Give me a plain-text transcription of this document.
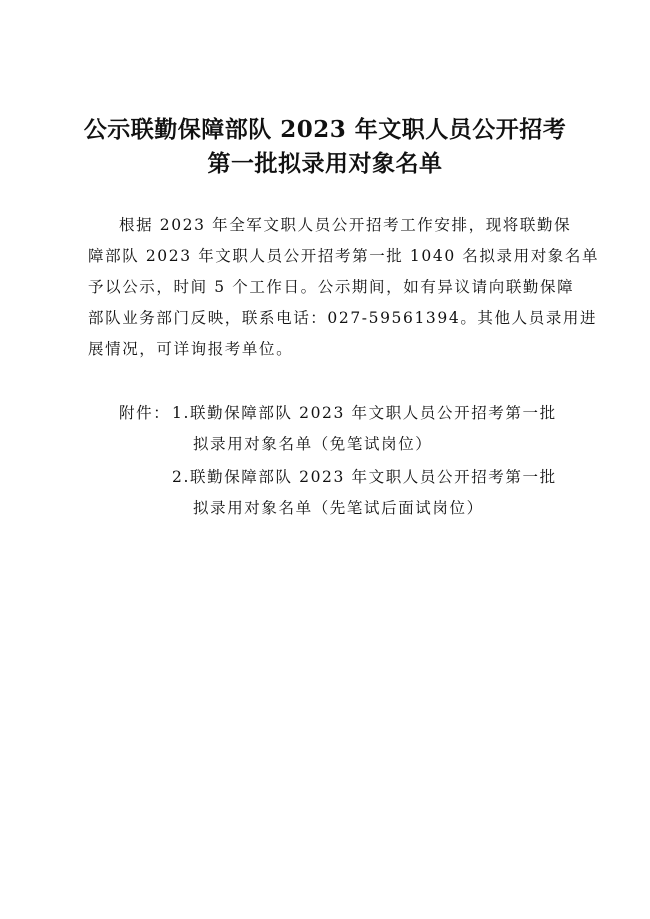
公示联勤保障部队 2023 年文职人员公开招考
第一批拟录用对象名单
根据 2023 年全军文职人员公开招考工作安排，现将联勤保
障部队 2023 年文职人员公开招考第一批 1040 名拟录用对象名单
予以公示，时间 5 个工作日。公示期间，如有异议请向联勤保障
部队业务部门反映，联系电话：027-59561394。其他人员录用进
展情况，可详询报考单位。
附件： 1.联勤保障部队 2023 年文职人员公开招考第一批
拟录用对象名单（免笔试岗位）
2.联勤保障部队 2023 年文职人员公开招考第一批
拟录用对象名单（先笔试后面试岗位）
